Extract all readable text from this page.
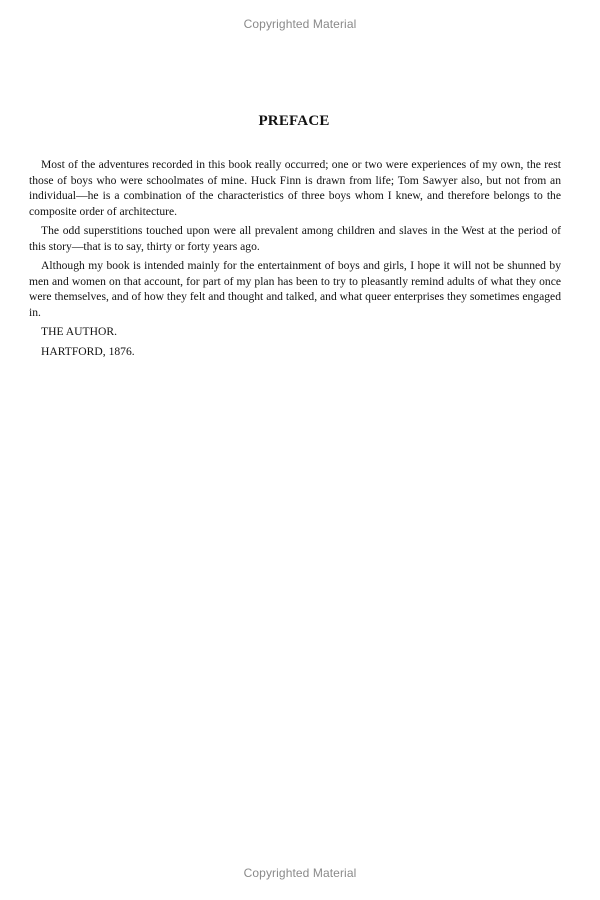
Copyrighted Material
PREFACE

Most of the adventures recorded in this book really occurred; one or two were experiences of my own, the rest those of boys who were schoolmates of mine. Huck Finn is drawn from life; Tom Sawyer also, but not from an individual—he is a combination of the characteristics of three boys whom I knew, and therefore belongs to the composite order of architecture.

The odd superstitions touched upon were all prevalent among children and slaves in the West at the period of this story—that is to say, thirty or forty years ago.

Although my book is intended mainly for the entertainment of boys and girls, I hope it will not be shunned by men and women on that account, for part of my plan has been to try to pleasantly remind adults of what they once were themselves, and of how they felt and thought and talked, and what queer enterprises they sometimes engaged in.

THE AUTHOR.

HARTFORD, 1876.

Copyrighted Material
